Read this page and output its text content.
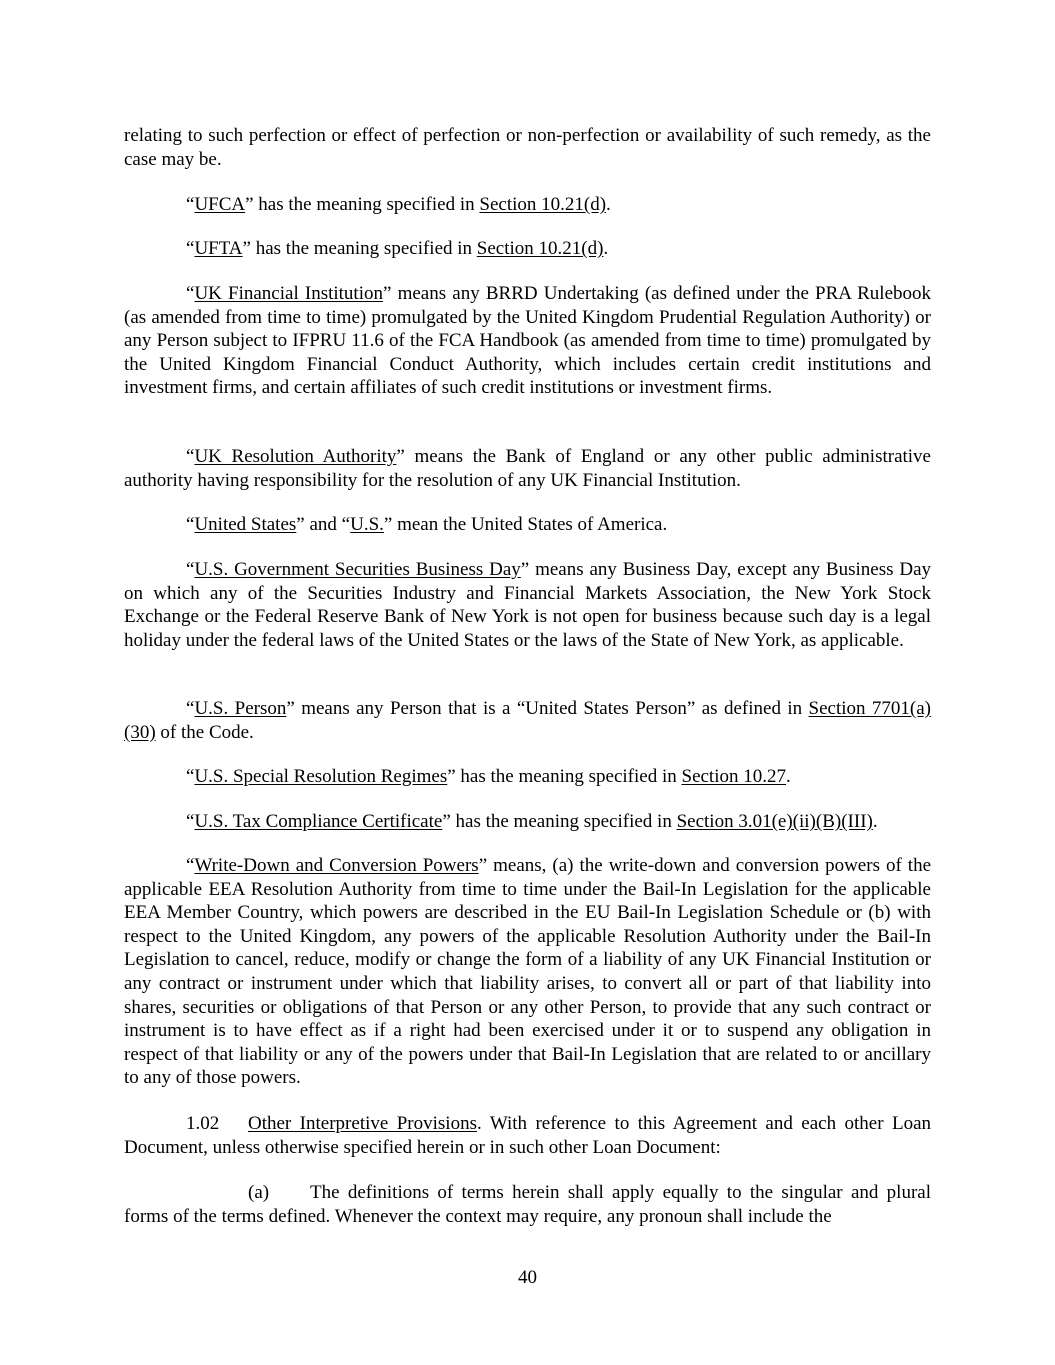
relating to such perfection or effect of perfection or non-perfection or availability of such remedy, as the case may be.

“UFCA” has the meaning specified in Section 10.21(d).

“UFTA” has the meaning specified in Section 10.21(d).

“UK Financial Institution” means any BRRD Undertaking (as defined under the PRA Rulebook (as amended from time to time) promulgated by the United Kingdom Prudential Regulation Authority) or any Person subject to IFPRU 11.6 of the FCA Handbook (as amended from time to time) promulgated by the United Kingdom Financial Conduct Authority, which includes certain credit institutions and investment firms, and certain affiliates of such credit institutions or investment firms.

“UK Resolution Authority” means the Bank of England or any other public administrative authority having responsibility for the resolution of any UK Financial Institution.

“United States” and “U.S.” mean the United States of America.

“U.S. Government Securities Business Day” means any Business Day, except any Business Day on which any of the Securities Industry and Financial Markets Association, the New York Stock Exchange or the Federal Reserve Bank of New York is not open for business because such day is a legal holiday under the federal laws of the United States or the laws of the State of New York, as applicable.

“U.S. Person” means any Person that is a “United States Person” as defined in Section 7701(a)(30) of the Code.

“U.S. Special Resolution Regimes” has the meaning specified in Section 10.27.

“U.S. Tax Compliance Certificate” has the meaning specified in Section 3.01(e)(ii)(B)(III).

“Write-Down and Conversion Powers” means, (a) the write-down and conversion powers of the applicable EEA Resolution Authority from time to time under the Bail-In Legislation for the applicable EEA Member Country, which powers are described in the EU Bail-In Legislation Schedule or (b) with respect to the United Kingdom, any powers of the applicable Resolution Authority under the Bail-In Legislation to cancel, reduce, modify or change the form of a liability of any UK Financial Institution or any contract or instrument under which that liability arises, to convert all or part of that liability into shares, securities or obligations of that Person or any other Person, to provide that any such contract or instrument is to have effect as if a right had been exercised under it or to suspend any obligation in respect of that liability or any of the powers under that Bail-In Legislation that are related to or ancillary to any of those powers.

1.02 Other Interpretive Provisions. With reference to this Agreement and each other Loan Document, unless otherwise specified herein or in such other Loan Document:

(a) The definitions of terms herein shall apply equally to the singular and plural forms of the terms defined. Whenever the context may require, any pronoun shall include the

40
